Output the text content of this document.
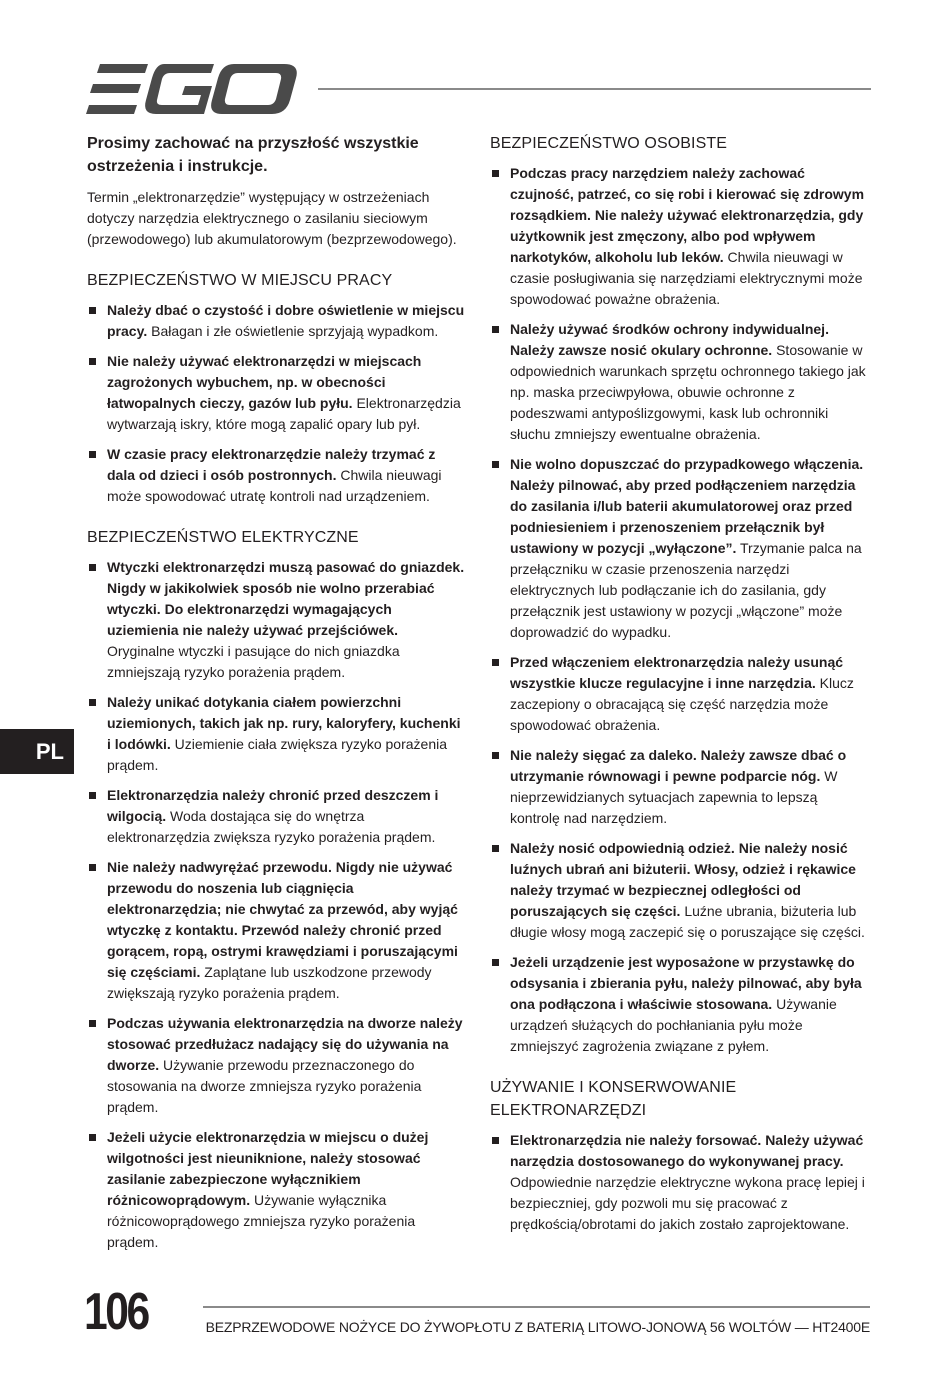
Prosimy zachować na przyszłość wszystkie ostrzeżenia i instrukcje.

Termin „elektronarzędzie” występujący w ostrzeżeniach dotyczy narzędzia elektrycznego o zasilaniu sieciowym (przewodowego) lub akumulatorowym (bezprzewodowego).

BEZPIECZEŃSTWO W MIEJSCU PRACY
Należy dbać o czystość i dobre oświetlenie w miejscu pracy. Bałagan i złe oświetlenie sprzyjają wypadkom.
Nie należy używać elektronarzędzi w miejscach zagrożonych wybuchem, np. w obecności łatwopalnych cieczy, gazów lub pyłu. Elektronarzędzia wytwarzają iskry, które mogą zapalić opary lub pył.
W czasie pracy elektronarzędzie należy trzymać z dala od dzieci i osób postronnych. Chwila nieuwagi może spowodować utratę kontroli nad urządzeniem.
BEZPIECZEŃSTWO ELEKTRYCZNE
Wtyczki elektronarzędzi muszą pasować do gniazdek. Nigdy w jakikolwiek sposób nie wolno przerabiać wtyczki. Do elektronarzędzi wymagających uziemienia nie należy używać przejściówek. Oryginalne wtyczki i pasujące do nich gniazdka zmniejszają ryzyko porażenia prądem.
Należy unikać dotykania ciałem powierzchni uziemionych, takich jak np. rury, kaloryfery, kuchenki i lodówki. Uziemienie ciała zwiększa ryzyko porażenia prądem.
Elektronarzędzia należy chronić przed deszczem i wilgocią. Woda dostająca się do wnętrza elektronarzędzia zwiększa ryzyko porażenia prądem.
Nie należy nadwyrężać przewodu. Nigdy nie używać przewodu do noszenia lub ciągnięcia elektronarzędzia; nie chwytać za przewód, aby wyjąć wtyczkę z kontaktu. Przewód należy chronić przed gorącem, ropą, ostrymi krawędziami i poruszającymi się częściami. Zaplątane lub uszkodzone przewody zwiększają ryzyko porażenia prądem.
Podczas używania elektronarzędzia na dworze należy stosować przedłużacz nadający się do używania na dworze. Używanie przewodu przeznaczonego do stosowania na dworze zmniejsza ryzyko porażenia prądem.
Jeżeli użycie elektronarzędzia w miejscu o dużej wilgotności jest nieuniknione, należy stosować zasilanie zabezpieczone wyłącznikiem różnicowoprądowym. Używanie wyłącznika różnicowoprądowego zmniejsza ryzyko porażenia prądem.
BEZPIECZEŃSTWO OSOBISTE
Podczas pracy narzędziem należy zachować czujność, patrzeć, co się robi i kierować się zdrowym rozsądkiem. Nie należy używać elektronarzędzia, gdy użytkownik jest zmęczony, albo pod wpływem narkotyków, alkoholu lub leków. Chwila nieuwagi w czasie posługiwania się narzędziami elektrycznymi może spowodować poważne obrażenia.
Należy używać środków ochrony indywidualnej. Należy zawsze nosić okulary ochronne. Stosowanie w odpowiednich warunkach sprzętu ochronnego takiego jak np. maska przeciwpyłowa, obuwie ochronne z podeszwami antypoślizgowymi, kask lub ochronniki słuchu zmniejszy ewentualne obrażenia.
Nie wolno dopuszczać do przypadkowego włączenia. Należy pilnować, aby przed podłączeniem narzędzia do zasilania i/lub baterii akumulatorowej oraz przed podniesieniem i przenoszeniem przełącznik był ustawiony w pozycji „wyłączone”. Trzymanie palca na przełączniku w czasie przenoszenia narzędzi elektrycznych lub podłączanie ich do zasilania, gdy przełącznik jest ustawiony w pozycji „włączone” może doprowadzić do wypadku.
Przed włączeniem elektronarzędzia należy usunąć wszystkie klucze regulacyjne i inne narzędzia. Klucz zaczepiony o obracającą się część narzędzia może spowodować obrażenia.
Nie należy sięgać za daleko. Należy zawsze dbać o utrzymanie równowagi i pewne podparcie nóg. W nieprzewidzianych sytuacjach zapewnia to lepszą kontrolę nad narzędziem.
Należy nosić odpowiednią odzież. Nie należy nosić luźnych ubrań ani biżuterii. Włosy, odzież i rękawice należy trzymać w bezpiecznej odległości od poruszających się części. Luźne ubrania, biżuteria lub długie włosy mogą zaczepić się o poruszające się części.
Jeżeli urządzenie jest wyposażone w przystawkę do odsysania i zbierania pyłu, należy pilnować, aby była ona podłączona i właściwie stosowana. Używanie urządzeń służących do pochłaniania pyłu może zmniejszyć zagrożenia związane z pyłem.
UŻYWANIE I KONSERWOWANIE ELEKTRONARZĘDZI
Elektronarzędzia nie należy forsować. Należy używać narzędzia dostosowanego do wykonywanej pracy. Odpowiednie narzędzie elektryczne wykona pracę lepiej i bezpieczniej, gdy pozwoli mu się pracować z prędkością/obrotami do jakich zostało zaprojektowane.
PL
106	BEZPRZEWODOWE NOŻYCE DO ŻYWOPŁOTU Z BATERIĄ LITOWO-JONOWĄ 56 WOLTÓW — HT2400E
